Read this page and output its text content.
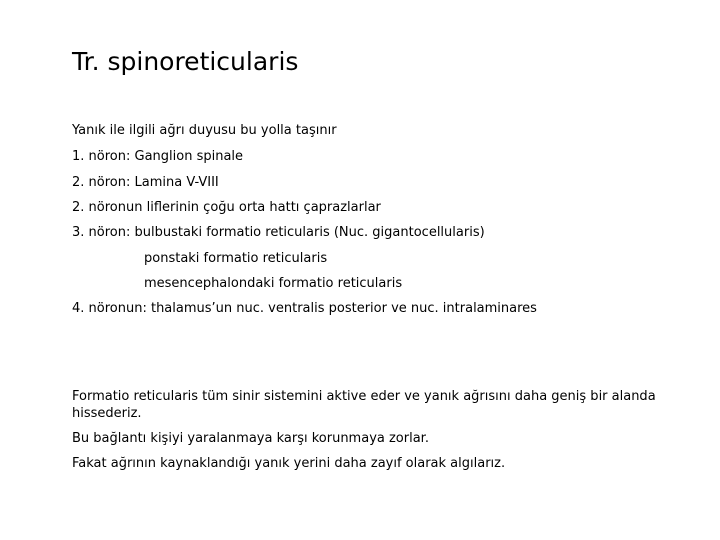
Tr. spinoreticularis

Yanık ile ilgili ağrı duyusu bu yolla taşınır

1. nöron: Ganglion spinale

2. nöron: Lamina V-VIII

2. nöronun liflerinin çoğu orta hattı çaprazlarlar

3. nöron: bulbustaki formatio reticularis (Nuc. gigantocellularis)

ponstaki formatio reticularis

mesencephalondaki formatio reticularis

4. nöronun: thalamus’un nuc. ventralis posterior ve nuc. intralaminares

Formatio reticularis tüm sinir sistemini aktive eder ve yanık ağrısını daha geniş bir alanda hissederiz.

Bu bağlantı kişiyi yaralanmaya karşı korunmaya zorlar.

Fakat ağrının kaynaklandığı yanık yerini daha zayıf olarak algılarız.
